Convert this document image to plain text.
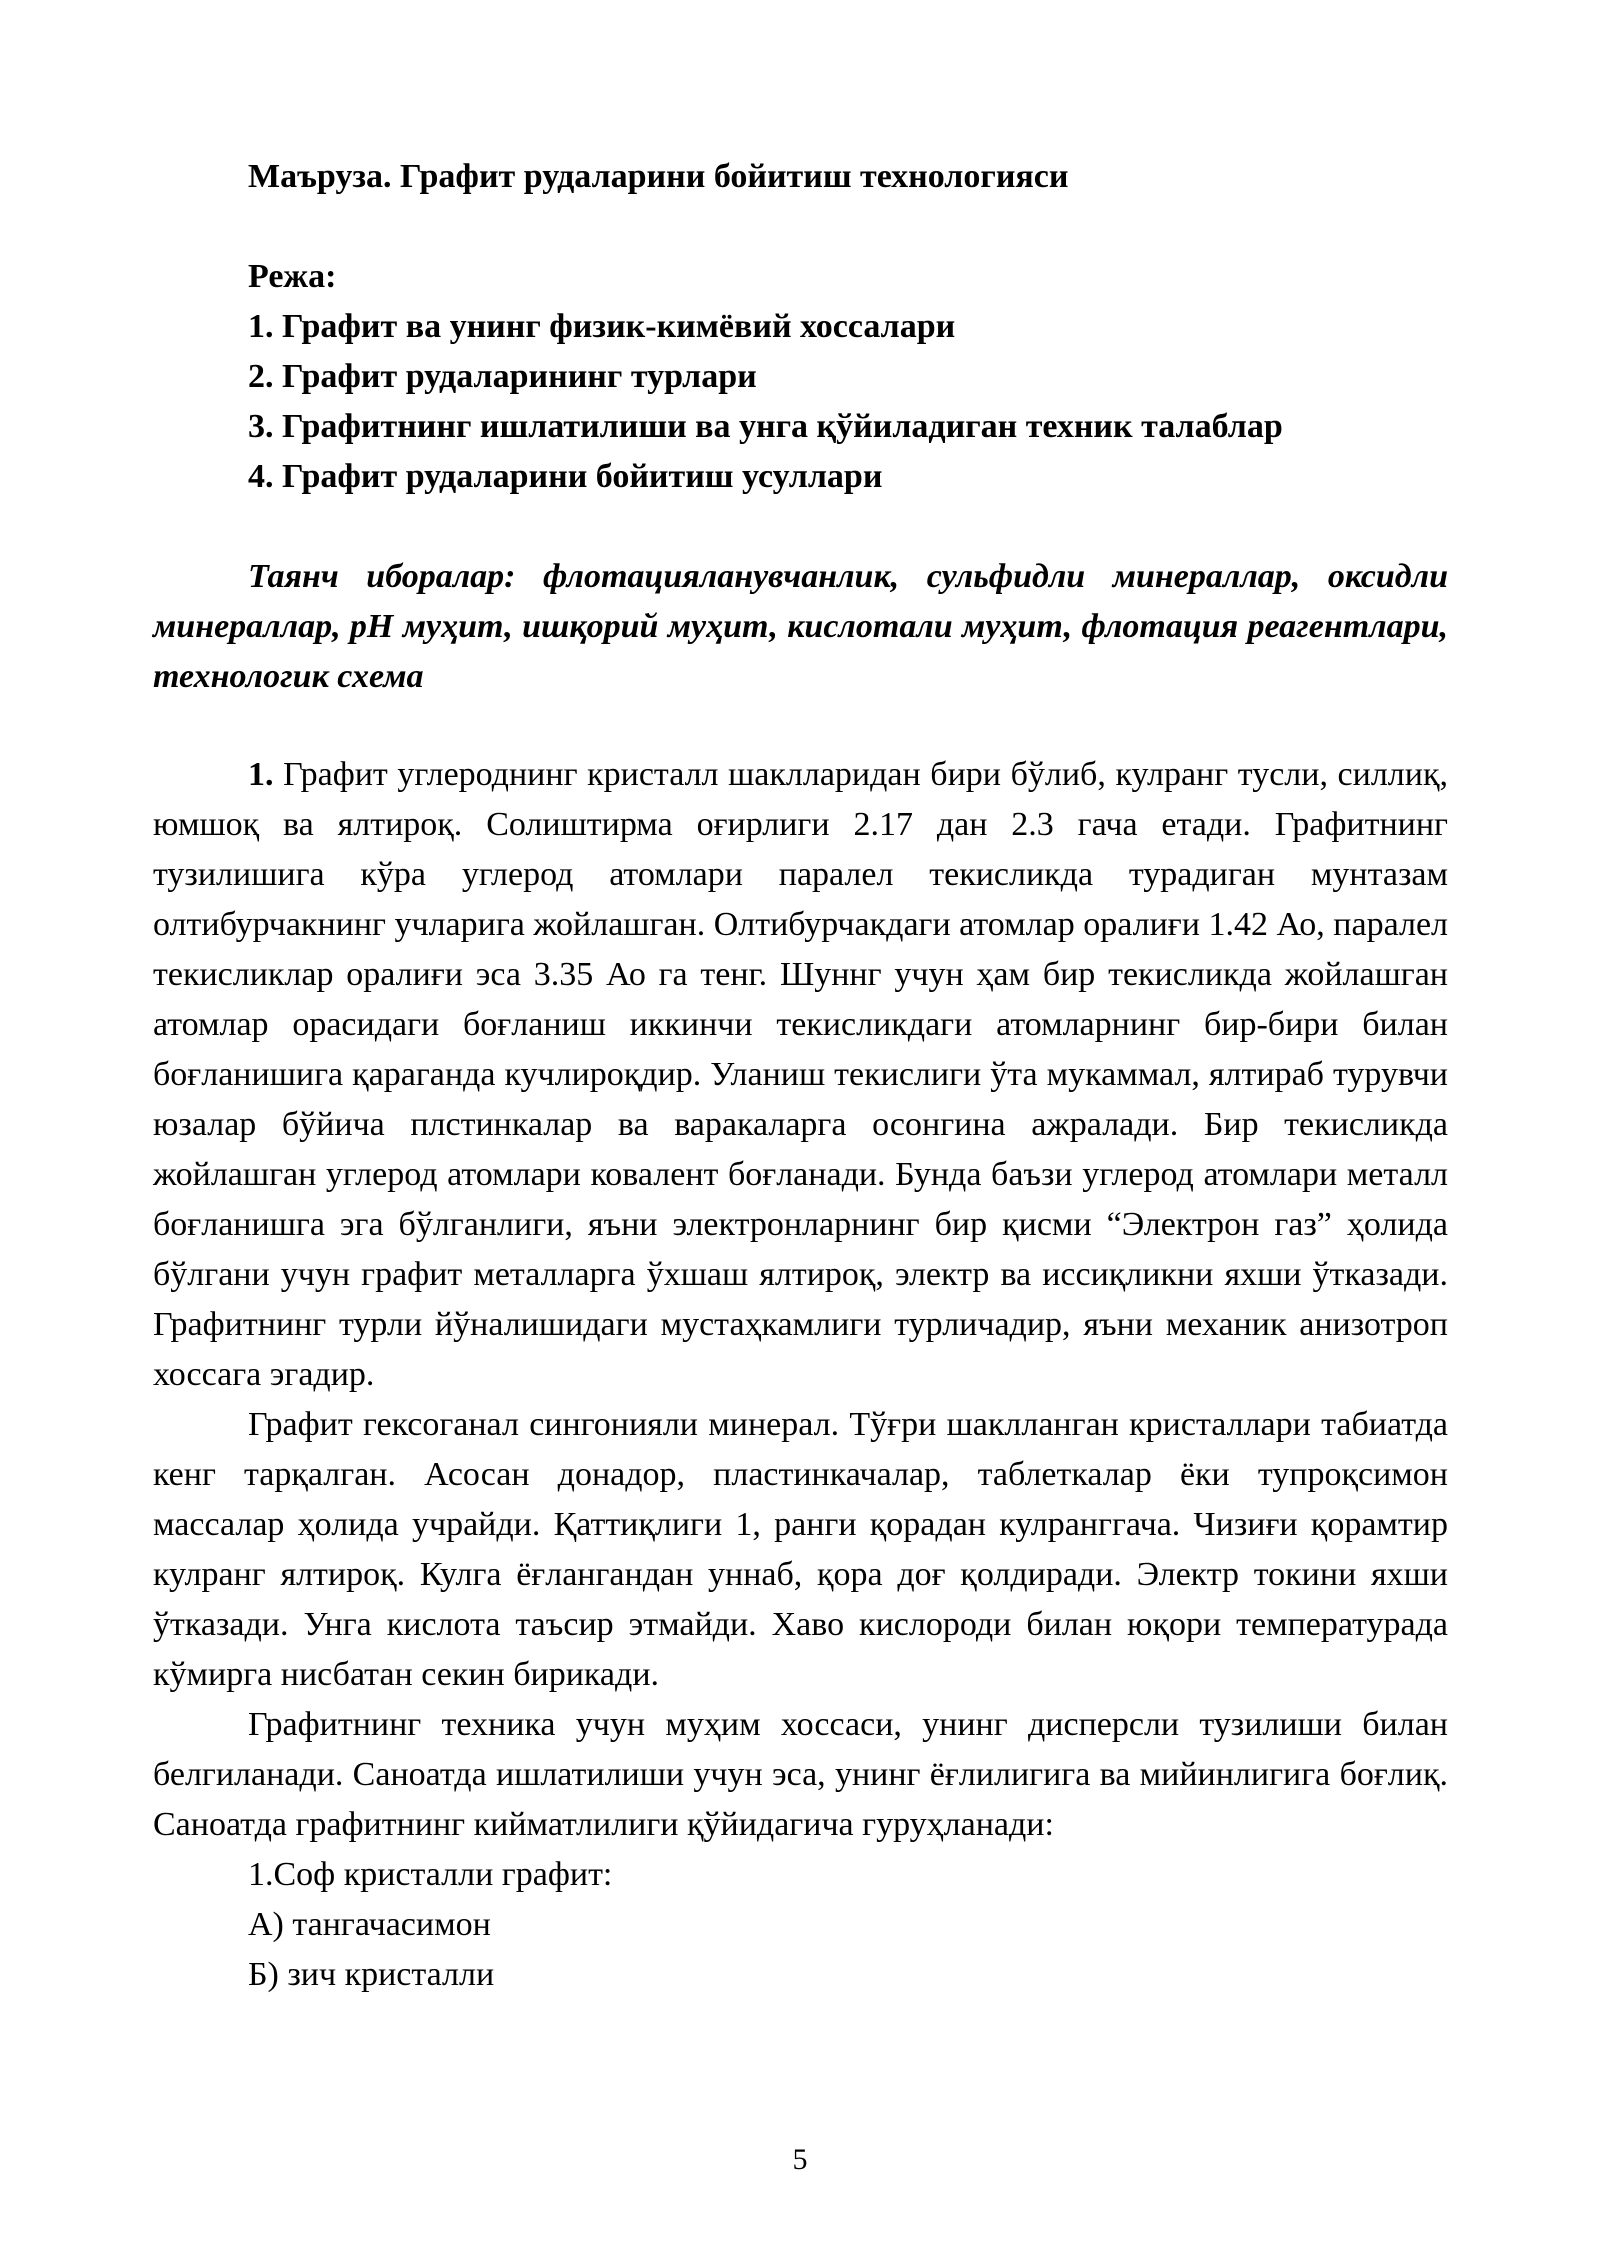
Маъруза. Графит рудаларини бойитиш технологияси
Режа:
1. Графит ва унинг физик-кимёвий хоссалари
2. Графит рудаларининг турлари
3. Графитнинг ишлатилиши ва унга қўйиладиган техник талаблар
4. Графит рудаларини бойитиш усуллари

Таянч иборалар: флотацияланувчанлик, сульфидли минераллар, оксидли минераллар, рН муҳит, ишқорий муҳит, кислотали муҳит, флотация реагентлари, технологик схема

1. Графит углероднинг кристалл шаклларидан бири бўлиб, кулранг тусли, силлиқ, юмшоқ ва ялтироқ. Солиштирма оғирлиги 2.17 дан 2.3 гача етади. Графитнинг тузилишига кўра углерод атомлари паралел текисликда турадиган мунтазам олтибурчакнинг учларига жойлашган. Олтибурчакдаги атомлар оралиғи 1.42 Ао, паралел текисликлар оралиғи эса 3.35 Ао га тенг. Шуннг учун ҳам бир текисликда жойлашган атомлар орасидаги боғланиш иккинчи текисликдаги атомларнинг бир-бири билан боғланишига қараганда кучлироқдир. Уланиш текислиги ўта мукаммал, ялтираб турувчи юзалар бўйича плстинкалар ва варакаларга осонгина ажралади. Бир текисликда жойлашган углерод атомлари ковалент боғланади. Бунда баъзи углерод атомлари металл боғланишга эга бўлганлиги, яъни электронларнинг бир қисми “Электрон газ” ҳолида бўлгани учун графит металларга ўхшаш ялтироқ, электр ва иссиқликни яхши ўтказади. Графитнинг турли йўналишидаги мустаҳкамлиги турличадир, яъни механик анизотроп хоссага эгадир.

Графит гексоганал сингонияли минерал. Тўғри шаклланган кристаллари табиатда кенг тарқалган. Асосан донадор, пластинкачалар, таблеткалар ёки тупроқсимон массалар ҳолида учрайди. Қаттиқлиги 1, ранги қорадан кулранггача. Чизиғи қорамтир кулранг ялтироқ. Кулга ёғлангандан уннаб, қора доғ қолдиради. Электр токини яхши ўтказади. Унга кислота таъсир этмайди. Хаво кислороди билан юқори температурада кўмирга нисбатан секин бирикади.

Графитнинг техника учун муҳим хоссаси, унинг дисперсли тузилиши билан белгиланади. Саноатда ишлатилиши учун эса, унинг ёғлилигига ва мийинлигига боғлиқ. Саноатда графитнинг кийматлилиги қўйидагича гуруҳланади:

1.Соф кристалли графит:
А) тангачасимон
Б) зич кристалли
5
